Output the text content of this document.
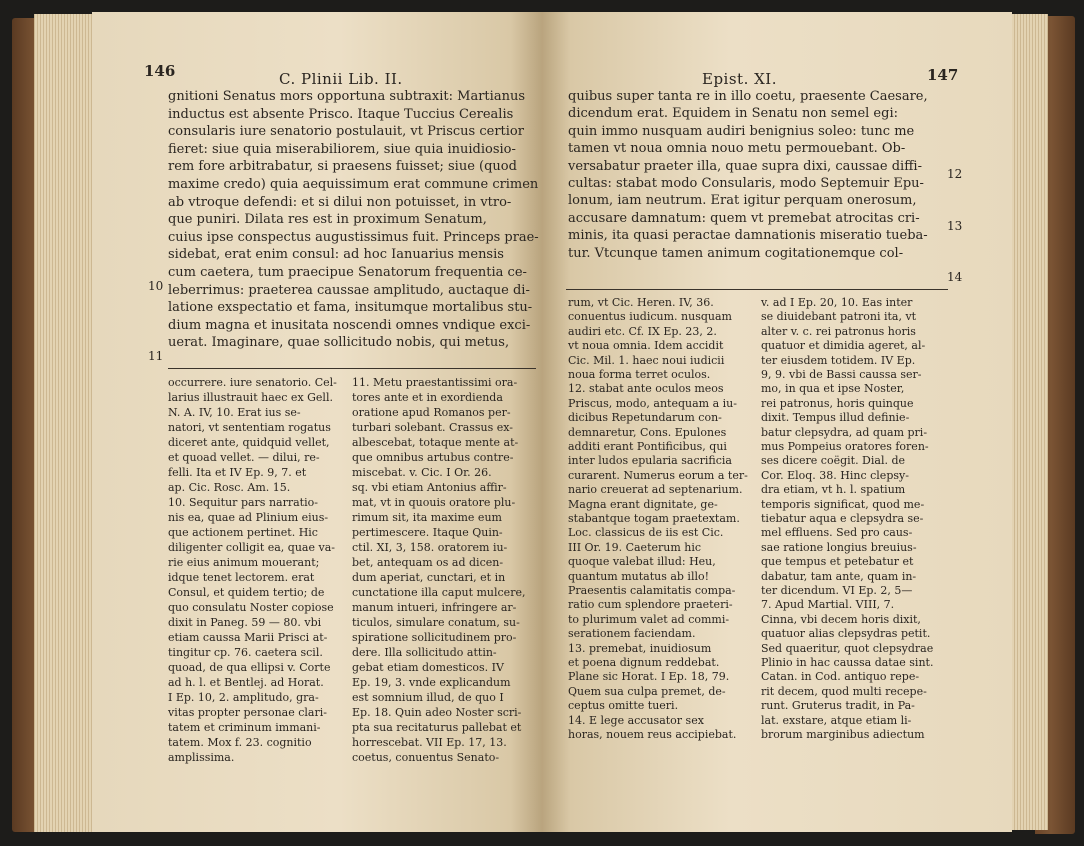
146	C. Plinii Lib. II.
gnitioni Senatus mors opportuna subtraxit: Martianus
inductus est absente Prisco. Itaque Tuccius Cerealis
consularis iure senatorio postulauit, vt Priscus certior
fieret: siue quia miserabiliorem, siue quia inuidiosio-
rem fore arbitrabatur, si praesens fuisset; siue (quod
maxime credo) quia aequissimum erat commune crimen
ab vtroque defendi: et si dilui non potuisset, in vtro-
que puniri. Dilata res est in proximum Senatum,
cuius ipse conspectus augustissimus fuit. Princeps prae-
sidebat, erat enim consul: ad hoc Ianuarius mensis
cum caetera, tum praecipue Senatorum frequentia ce-
leberrimus: praeterea caussae amplitudo, auctaque di-
latione exspectatio et fama, insitumque mortalibus stu-
dium magna et inusitata noscendi omnes vndique exci-
uerat. Imaginare, quae sollicitudo nobis, qui metus,
10
11
occurrere. iure senatorio. Cel-
larius illustrauit haec ex Gell.
N. A. IV, 10. Erat ius se-
natori, vt sententiam rogatus
diceret ante, quidquid vellet,
et quoad vellet. — dilui, re-
felli. Ita et IV Ep. 9, 7. et
ap. Cic. Rosc. Am. 15.
10. Sequitur pars narratio-
nis ea, quae ad Plinium eius-
que actionem pertinet. Hic
diligenter colligit ea, quae va-
rie eius animum mouerant;
idque tenet lectorem. erat
Consul, et quidem tertio; de
quo consulatu Noster copiose
dixit in Paneg. 59 — 80. vbi
etiam caussa Marii Prisci at-
tingitur cp. 76. caetera scil.
quoad, de qua ellipsi v. Corte
ad h. l. et Bentlej. ad Horat.
I Ep. 10, 2. amplitudo, gra-
vitas propter personae clari-
tatem et criminum immani-
tatem. Mox f. 23. cognitio
amplissima.
11. Metu praestantissimi ora-
tores ante et in exordienda
oratione apud Romanos per-
turbari solebant. Crassus ex-
albescebat, totaque mente at-
que omnibus artubus contre-
miscebat. v. Cic. I Or. 26.
sq. vbi etiam Antonius affir-
mat, vt in quouis oratore plu-
rimum sit, ita maxime eum
pertimescere. Itaque Quin-
ctil. XI, 3, 158. oratorem iu-
bet, antequam os ad dicen-
dum aperiat, cunctari, et in
cunctatione illa caput mulcere,
manum intueri, infringere ar-
ticulos, simulare conatum, su-
spiratione sollicitudinem pro-
dere. Illa sollicitudo attin-
gebat etiam domesticos. IV
Ep. 19, 3. vnde explicandum
est somnium illud, de quo I
Ep. 18. Quin adeo Noster scri-
pta sua recitaturus pallebat et
horrescebat. VII Ep. 17, 13.
coetus, conuentus Senato-
Epist. XI.	147
quibus super tanta re in illo coetu, praesente Caesare,
dicendum erat. Equidem in Senatu non semel egi:
quin immo nusquam audiri benignius soleo: tunc me
tamen vt noua omnia nouo metu permouebant. Ob-
versabatur praeter illa, quae supra dixi, caussae diffi-
cultas: stabat modo Consularis, modo Septemuir Epu-
lonum, iam neutrum. Erat igitur perquam onerosum,
accusare damnatum: quem vt premebat atrocitas cri-
minis, ita quasi peractae damnationis miseratio tueba-
tur. Vtcunque tamen animum cogitationemque col-
12
13
14
rum, vt Cic. Heren. IV, 36.
conuentus iudicum. nusquam
audiri etc. Cf. IX Ep. 23, 2.
vt noua omnia. Idem accidit
Cic. Mil. 1. haec noui iudicii
noua forma terret oculos.
12. stabat ante oculos meos
Priscus, modo, antequam a iu-
dicibus Repetundarum con-
demnaretur, Cons. Epulones
additi erant Pontificibus, qui
inter ludos epularia sacrificia
curarent. Numerus eorum a ter-
nario creuerat ad septenarium.
Magna erant dignitate, ge-
stabantque togam praetextam.
Loc. classicus de iis est Cic.
III Or. 19. Caeterum hic
quoque valebat illud: Heu,
quantum mutatus ab illo!
Praesentis calamitatis compa-
ratio cum splendore praeteri-
to plurimum valet ad commi-
serationem faciendam.
13. premebat, inuidiosum
et poena dignum reddebat.
Plane sic Horat. I Ep. 18, 79.
Quem sua culpa premet, de-
ceptus omitte tueri.
14. E lege accusator sex
horas, nouem reus accipiebat.
v. ad I Ep. 20, 10. Eas inter
se diuidebant patroni ita, vt
alter v. c. rei patronus horis
quatuor et dimidia ageret, al-
ter eiusdem totidem. IV Ep.
9, 9. vbi de Bassi caussa ser-
mo, in qua et ipse Noster,
rei patronus, horis quinque
dixit. Tempus illud definie-
batur clepsydra, ad quam pri-
mus Pompeius oratores foren-
ses dicere coëgit. Dial. de
Cor. Eloq. 38. Hinc clepsy-
dra etiam, vt h. l. spatium
temporis significat, quod me-
tiebatur aqua e clepsydra se-
mel effluens. Sed pro caus-
sae ratione longius breuius-
que tempus et petebatur et
dabatur, tam ante, quam in-
ter dicendum. VI Ep. 2, 5—
7. Apud Martial. VIII, 7.
Cinna, vbi decem horis dixit,
quatuor alias clepsydras petit.
Sed quaeritur, quot clepsydrae
Plinio in hac caussa datae sint.
Catan. in Cod. antiquo repe-
rit decem, quod multi recepe-
runt. Gruterus tradit, in Pa-
lat. exstare, atque etiam li-
brorum marginibus adiectum
